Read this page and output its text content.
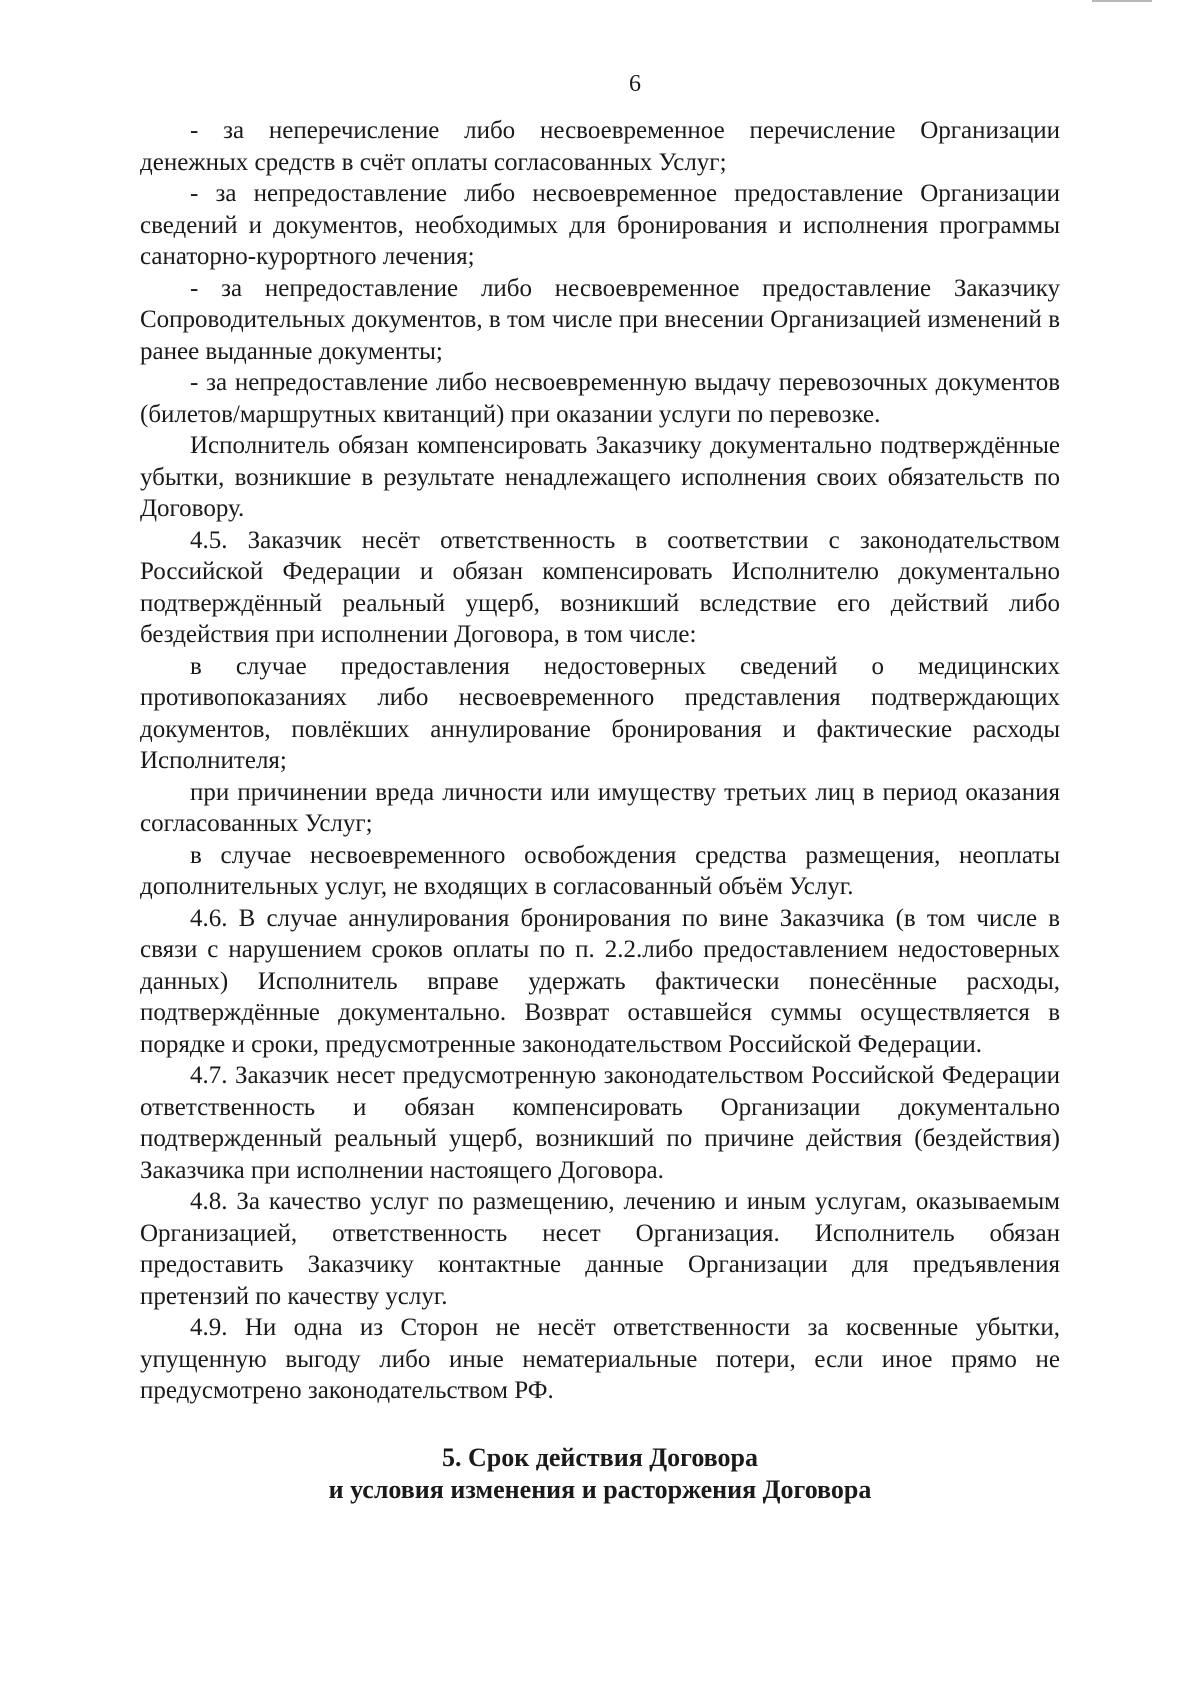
6

- за неперечисление либо несвоевременное перечисление Организации денежных средств в счёт оплаты согласованных Услуг;

- за непредоставление либо несвоевременное предоставление Организации сведений и документов, необходимых для бронирования и исполнения программы санаторно-курортного лечения;

- за непредоставление либо несвоевременное предоставление Заказчику Сопроводительных документов, в том числе при внесении Организацией изменений в ранее выданные документы;

- за непредоставление либо несвоевременную выдачу перевозочных документов (билетов/маршрутных квитанций) при оказании услуги по перевозке.

Исполнитель обязан компенсировать Заказчику документально подтверждённые убытки, возникшие в результате ненадлежащего исполнения своих обязательств по Договору.

4.5. Заказчик несёт ответственность в соответствии с законодательством Российской Федерации и обязан компенсировать Исполнителю документально подтверждённый реальный ущерб, возникший вследствие его действий либо бездействия при исполнении Договора, в том числе:

в случае предоставления недостоверных сведений о медицинских противопоказаниях либо несвоевременного представления подтверждающих документов, повлёкших аннулирование бронирования и фактические расходы Исполнителя;

при причинении вреда личности или имуществу третьих лиц в период оказания согласованных Услуг;

в случае несвоевременного освобождения средства размещения, неоплаты дополнительных услуг, не входящих в согласованный объём Услуг.

4.6. В случае аннулирования бронирования по вине Заказчика (в том числе в связи с нарушением сроков оплаты по п. 2.2.либо предоставлением недостоверных данных) Исполнитель вправе удержать фактически понесённые расходы, подтверждённые документально. Возврат оставшейся суммы осуществляется в порядке и сроки, предусмотренные законодательством Российской Федерации.

4.7. Заказчик несет предусмотренную законодательством Российской Федерации ответственность и обязан компенсировать Организации документально подтвержденный реальный ущерб, возникший по причине действия (бездействия) Заказчика при исполнении настоящего Договора.

4.8. За качество услуг по размещению, лечению и иным услугам, оказываемым Организацией, ответственность несет Организация. Исполнитель обязан предоставить Заказчику контактные данные Организации для предъявления претензий по качеству услуг.

4.9. Ни одна из Сторон не несёт ответственности за косвенные убытки, упущенную выгоду либо иные нематериальные потери, если иное прямо не предусмотрено законодательством РФ.

5. Срок действия Договора
и условия изменения и расторжения Договора
